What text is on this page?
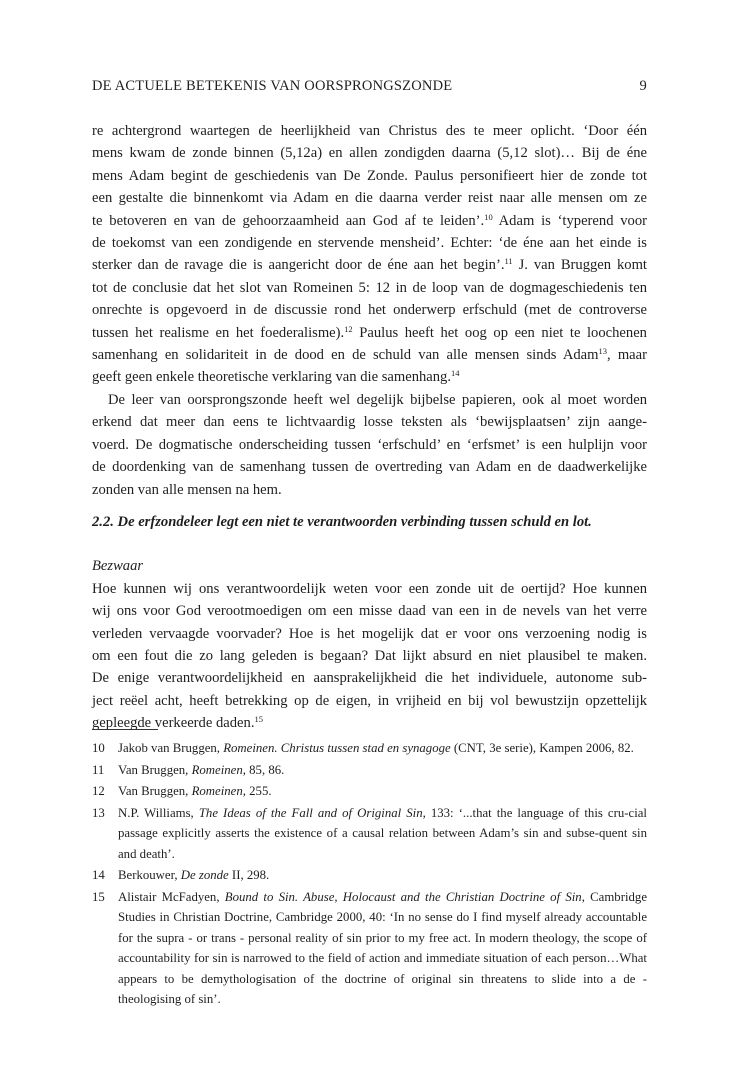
DE ACTUELE BETEKENIS VAN OORSPRONGSZONDE	9

re achtergrond waartegen de heerlijkheid van Christus des te meer oplicht. ‘Door één
mens kwam de zonde binnen (5,12a) en allen zondigden daarna (5,12 slot)… Bij de éne
mens Adam begint de geschiedenis van De Zonde. Paulus personifieert hier de zonde tot
een gestalte die binnenkomt via Adam en die daarna verder reist naar alle mensen om ze
te betoveren en van de gehoorzaamheid aan God af te leiden’.$^{10}$ Adam is ‘typerend voor
de toekomst van een zondigende en stervende mensheid’. Echter: ‘de éne aan het einde is
sterker dan de ravage die is aangericht door de éne aan het begin’.$^{11}$ J. van Bruggen komt
tot de conclusie dat het slot van Romeinen 5: 12 in de loop van de dogmageschiedenis ten
onrechte is opgevoerd in de discussie rond het onderwerp erfschuld (met de controverse
tussen het realisme en het foederalisme).$^{12}$ Paulus heeft het oog op een niet te loochenen
samenhang en solidariteit in de dood en de schuld van alle mensen sinds Adam$^{13}$, maar
geeft geen enkele theoretische verklaring van die samenhang.$^{14}$

De leer van oorsprongszonde heeft wel degelijk bijbelse papieren, ook al moet worden
erkend dat meer dan eens te lichtvaardig losse teksten als ‘bewijsplaatsen’ zijn aange-
voerd. De dogmatische onderscheiding tussen ‘erfschuld’ en ‘erfsmet’ is een hulplijn voor
de doordenking van de samenhang tussen de overtreding van Adam en de daadwerkelijke
zonden van alle mensen na hem.

2.2. De erfzondeleer legt een niet te verantwoorden verbinding tussen schuld en lot.

Bezwaar

Hoe kunnen wij ons verantwoordelijk weten voor een zonde uit de oertijd? Hoe kunnen
wij ons voor God verootmoedigen om een misse daad van een in de nevels van het verre
verleden vervaagde voorvader? Hoe is het mogelijk dat er voor ons verzoening nodig is
om een fout die zo lang geleden is begaan? Dat lijkt absurd en niet plausibel te maken.
De enige verantwoordelijkheid en aansprakelijkheid die het individuele, autonome sub-
ject reëel acht, heeft betrekking op de eigen, in vrijheid en bij vol bewustzijn opzettelijk
gepleegde verkeerde daden.$^{15}$

10 Jakob van Bruggen, Romeinen. Christus tussen stad en synagoge (CNT, 3e serie), Kampen 2006, 82.
11 Van Bruggen, Romeinen, 85, 86.
12 Van Bruggen, Romeinen, 255.
13 N.P. Williams, The Ideas of the Fall and of Original Sin, 133: ‘...that the language of this cru-cial passage explicitly asserts the existence of a causal relation between Adam’s sin and subse-quent sin and death’.
14 Berkouwer, De zonde II, 298.
15 Alistair McFadyen, Bound to Sin. Abuse, Holocaust and the Christian Doctrine of Sin, Cambridge Studies in Christian Doctrine, Cambridge 2000, 40: ‘In no sense do I find myself already accountable for the supra - or trans - personal reality of sin prior to my free act. In modern theology, the scope of accountability for sin is narrowed to the field of action and immediate situation of each person…What appears to be demythologisation of the doctrine of original sin threatens to slide into a de - theologising of sin’.
